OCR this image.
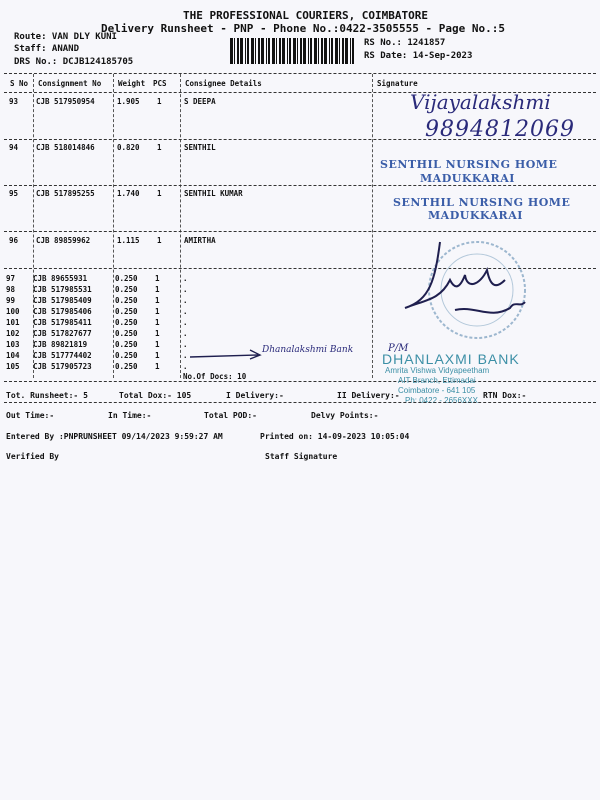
THE PROFESSIONAL COURIERS, COIMBATORE
Delivery Runsheet - PNP - Phone No.:0422-3505555 - Page No.:5
Route: VAN DLY KUNI
Staff: ANAND
DRS No.: DCJB124185705
RS No.: 1241857
RS Date: 14-Sep-2023
S No Consignment No Weight PCS Consignee Details	Signature
93 CJB 517950954	1.905 1	S DEEPA
94 CJB 518014846	0.820 1	SENTHIL
95 CJB 517895255	1.740 1	SENTHIL KUMAR
96 CJB 89859962	1.115 1	AMIRTHA
97 CJB 89655931	0.250 1	.
98 CJB 517985531	0.250 1	.
99 CJB 517985409	0.250 1	.
100 CJB 517985406	0.250 1	.
101 CJB 517985411	0.250 1	.
102 CJB 517827677	0.250 1	.
103 CJB 89821819	0.250 1	.
104 CJB 517774402	0.250 1	.
105 CJB 517905723	0.250 1	.
No.Of Docs: 10
Vijayalakshmi
9894812069
SENTHIL NURSING HOME
MADUKKARAI
SENTHIL NURSING HOME
MADUKKARAI
Dhanalakshmi Bank	P/M
DHANLAXMI BANK
Amrita Vishwa Vidyapeetham
AIT Branch, Ettimadai
Coimbatore - 641 105
Ph: 0422 - 2656XXX
Tot. Runsheet:- 5	Total Dox:- 105	I Delivery:-	II Delivery:-	RTN Dox:-
Out Time:-	In Time:-	Total POD:-	Delvy Points:-
Entered By :PNPRUNSHEET 09/14/2023 9:59:27 AM	Printed on: 14-09-2023 10:05:04
Verified By	Staff Signature
